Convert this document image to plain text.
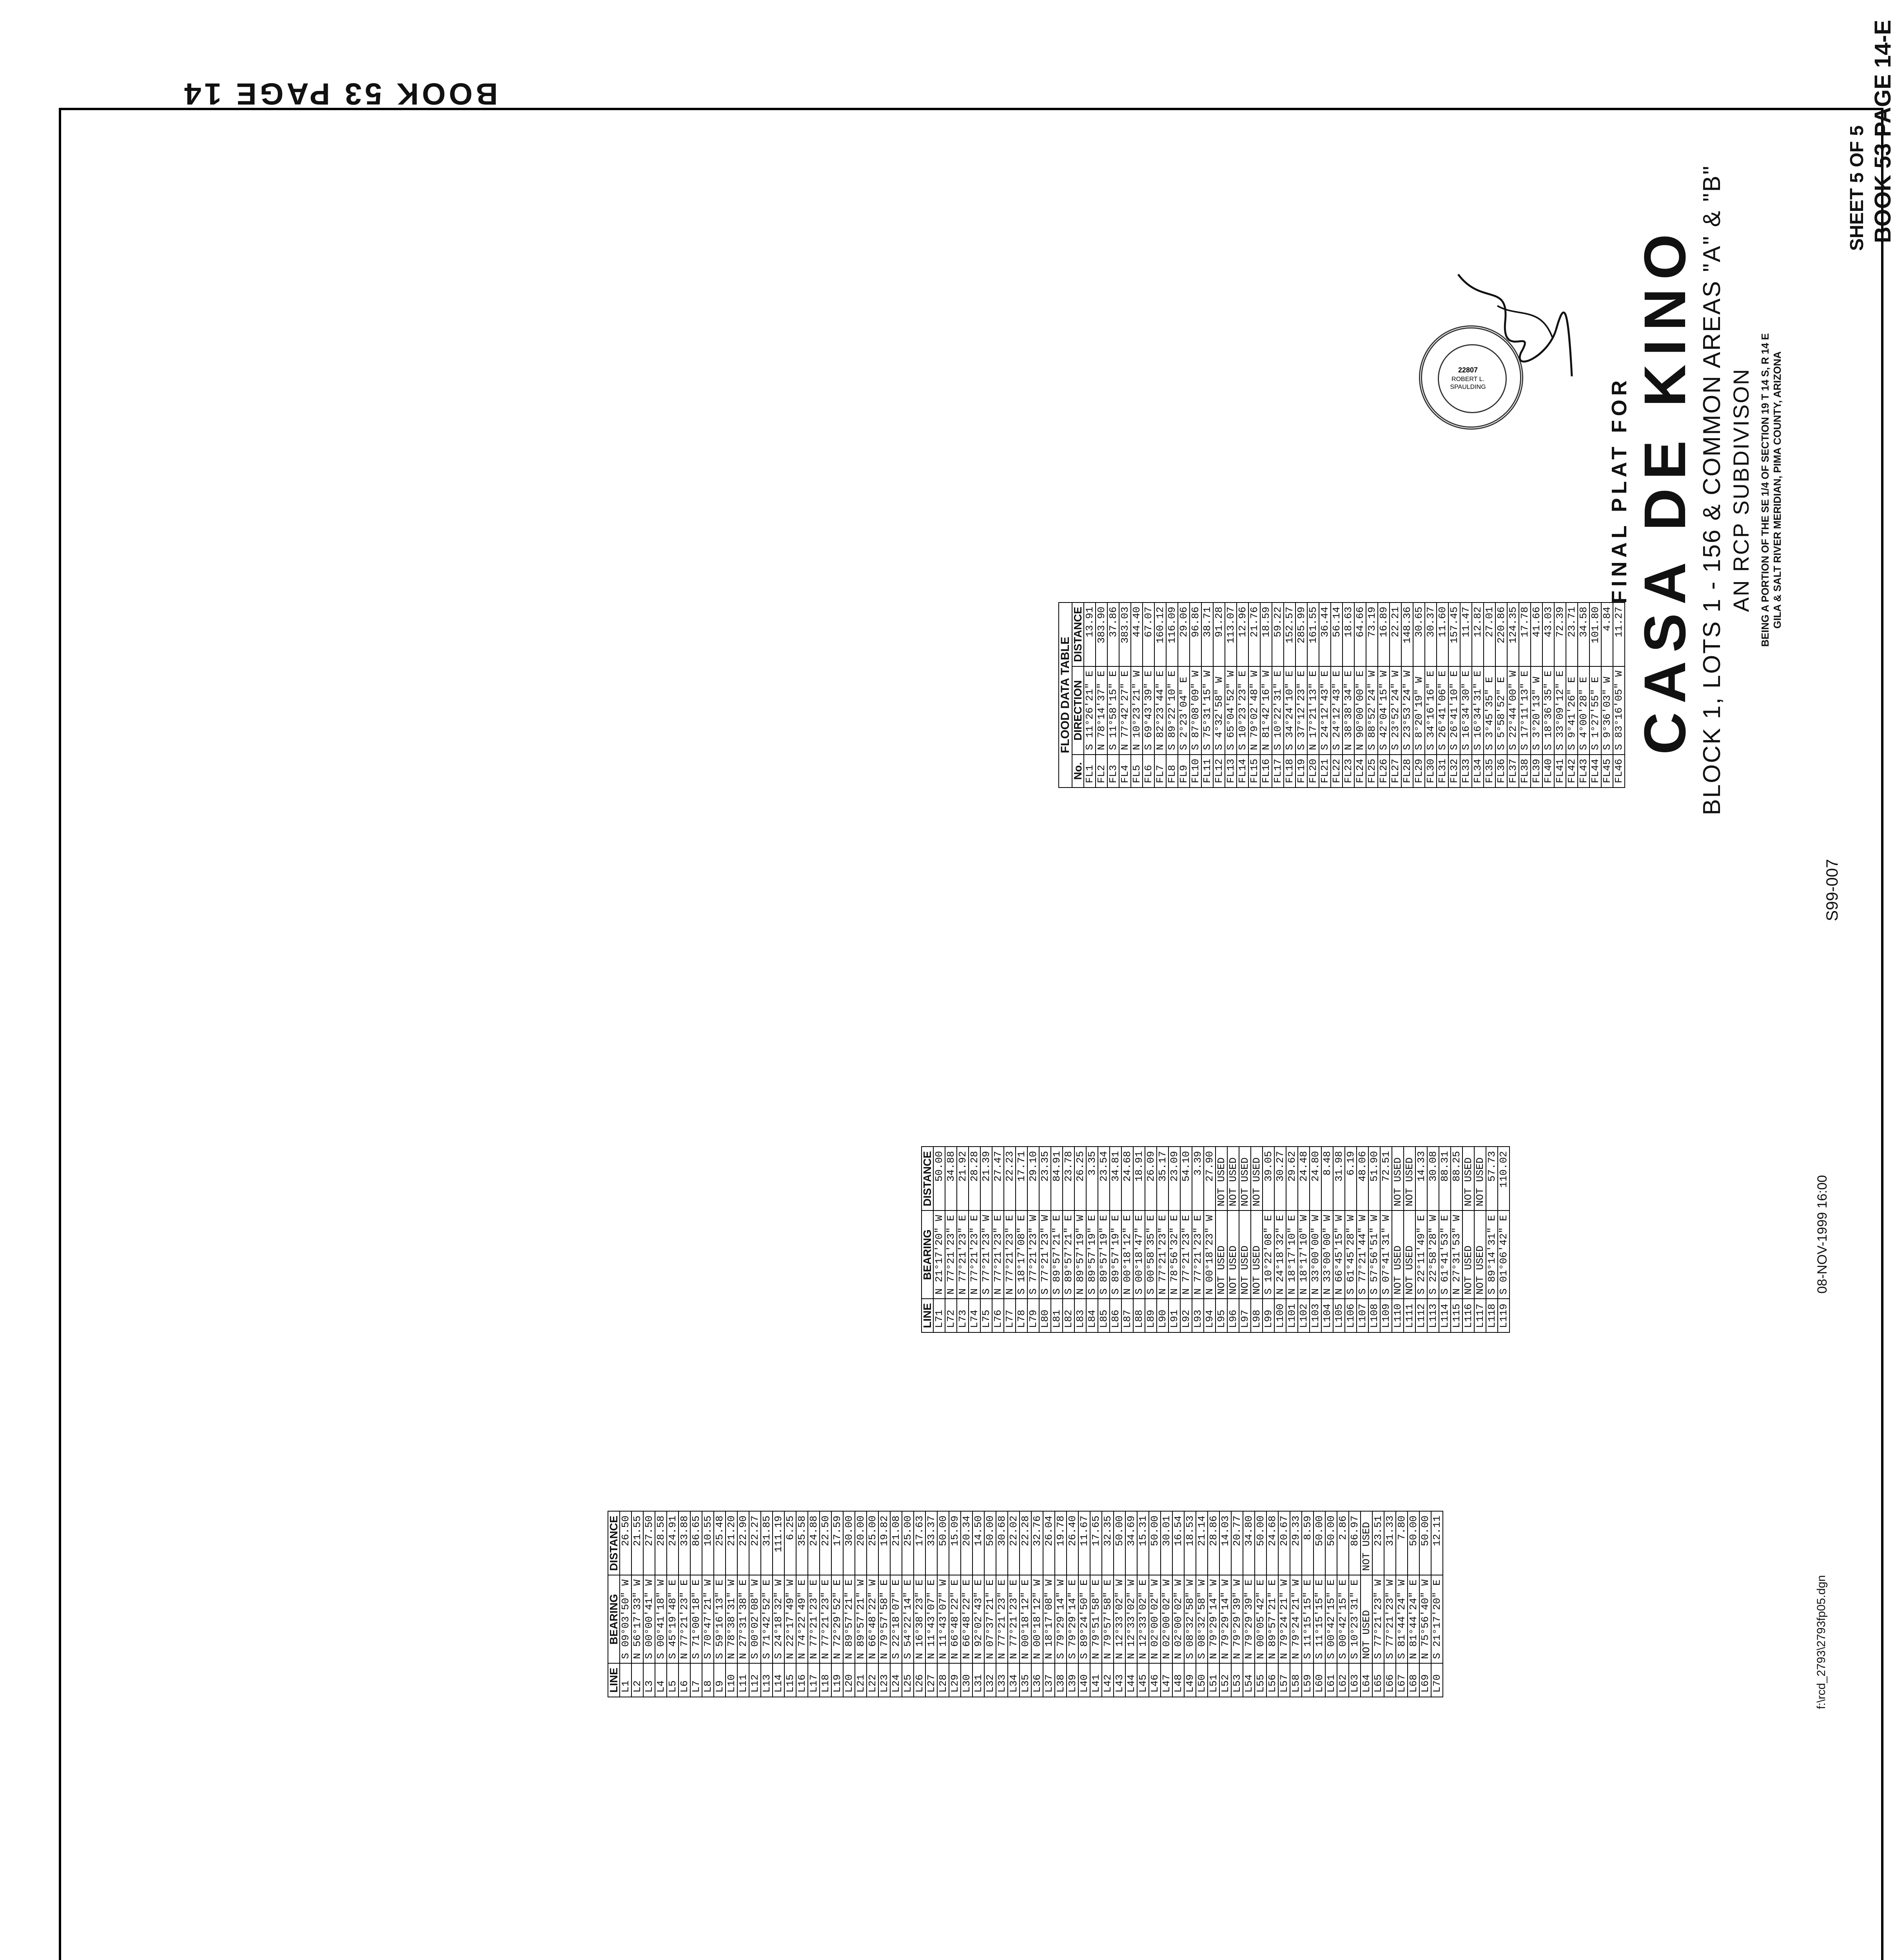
BOOK 53 PAGE 14

LINE	BEARING	DISTANCE
L1	S 09°03'50" W	26.50
L2	N 56°17'33" W	21.55
L3	S 00°00'41" W	27.50
L4	S 00°41'18" W	28.58
L5	S 45°19'48" E	24.91
L6	N 77°21'23" E	33.88
L7	S 71°00'18" E	86.65
L8	S 70°47'21" W	10.55
L9	S 59°16'13" E	25.48
L10	N 78°38'31" W	21.20
L11	N 27°31'38" E	22.90
L12	S 00°02'08" W	22.27
L13	S 71°42'52" E	31.85
L14	S 24°18'32" W	111.19
L15	N 22°17'49" W	6.25
L16	N 74°22'49" E	35.58
L17	N 77°21'23" E	24.88
L18	N 77°21'23" E	22.50
L19	N 72°29'52" E	17.59
L20	N 89°57'21" E	30.00
L21	N 89°57'21" W	20.00
L22	N 66°48'22" W	25.00
L23	N 79°57'58" E	19.82
L24	S 22°18'07" E	21.08
L25	S 54°22'14" E	25.00
L26	N 16°38'23" E	17.63
L27	N 11°43'07" E	33.37
L28	N 11°43'07" W	50.00
L29	N 66°48'22" E	15.09
L30	N 66°48'22" E	20.34
L31	N 92°02'43" E	14.50
L32	N 07°37'21" E	50.00
L33	N 77°21'23" E	30.68
L34	N 77°21'23" E	22.02
L35	N 00°18'12" E	22.28
L36	N 00°18'12" W	32.76
L37	N 18°17'08" W	26.04
L38	S 79°29'14" W	19.78
L39	S 79°29'14" E	26.40
L40	S 89°24'50" E	11.67
L41	N 79°51'58" E	17.65
L42	N 79°57'58" E	32.35
L43	N 12°33'02" W	50.00
L44	N 12°33'02" W	34.69
L45	N 12°33'02" E	15.31
L46	N 02°00'02" W	50.00
L47	N 02°00'02" W	30.01
L48	N 02°00'02" W	16.54
L49	S 08°32'58" W	18.53
L50	S 08°32'58" W	21.14
L51	N 79°29'14" W	28.86
L52	N 79°29'14" W	14.03
L53	N 79°29'39" W	20.77
L54	N 79°29'39" E	34.80
L55	N 00°05'42" E	50.00
L56	N 89°57'21" E	24.68
L57	N 79°24'21" W	20.67
L58	N 79°24'21" W	29.33
L59	S 11°15'15" E	8.59
L60	S 11°15'15" E	50.00
L61	S 00°42'15" E	50.00
L62	S 00°42'15" E	2.86
L63	S 10°23'31" E	86.97
L64	NOT USED	NOT USED
L65	S 77°21'23" W	23.51
L66	S 77°21'23" W	31.33
L67	S 81°44'24" W	7.80
L68	N 81°44'24" E	50.00
L69	N 75°56'40" W	50.00
L70	S 21°17'20" E	12.11
LINE	BEARING	DISTANCE
L71	N 21°17'20" W	50.00
L72	N 77°21'23" E	34.88
L73	N 77°21'23" E	21.92
L74	N 77°21'23" E	28.28
L75	S 77°21'23" W	21.39
L76	N 77°21'23" E	27.47
L77	N 77°21'23" E	22.23
L78	S 18°17'08" E	17.71
L79	S 77°21'23" W	29.10
L80	S 77°21'23" W	23.35
L81	S 89°57'21" E	84.91
L82	S 89°57'21" E	23.78
L83	N 89°57'19" W	26.25
L84	S 89°57'19" E	3.35
L85	S 89°57'19" E	23.54
L86	S 89°57'19" E	34.81
L87	N 00°18'12" E	24.68
L88	S 00°18'47" E	18.91
L89	S 00°58'35" E	26.09
L90	N 77°21'23" E	35.17
L91	N 78°56'32" E	23.09
L92	N 77°21'23" E	54.10
L93	N 77°21'23" E	3.39
L94	N 00°18'23" W	27.90
L95	NOT USED	NOT USED
L96	NOT USED	NOT USED
L97	NOT USED	NOT USED
L98	NOT USED	NOT USED
L99	S 10°22'08" E	39.05
L100	N 24°18'32" E	30.27
L101	N 18°17'10" E	29.62
L102	N 18°17'10" W	24.48
L103	N 33°00'00" W	24.80
L104	N 33°00'00" W	8.48
L105	N 66°45'15" W	31.98
L106	S 61°45'28" W	6.19
L107	S 77°21'44" W	48.06
L108	S 57°56'51" W	51.90
L109	S 07°41'31" W	72.51
L110	NOT USED	NOT USED
L111	NOT USED	NOT USED
L112	S 22°11'49" E	14.33
L113	S 22°58'28" W	30.08
L114	S 61°41'53" E	88.31
L115	N 27°31'53" W	88.25
L116	NOT USED	NOT USED
L117	NOT USED	NOT USED
L118	S 89°14'31" E	57.73
L119	S 01°06'42" E	110.02
FLOOD DATA TABLE
No.	DIRECTION	DISTANCE
FL1	S 11°26'21" E	13.91
FL2	N 78°14'37" E	383.90
FL3	S 11°58'15" E	37.86
FL4	N 77°42'27" E	383.03
FL5	N 10°23'21" W	44.40
FL6	S 69°43'39" E	67.07
FL7	N 82°23'44" E	160.12
FL8	S 89°22'10" E	116.09
FL9	S 2°23'04" E	29.06
FL10	S 87°08'09" W	96.86
FL11	S 75°31'15" W	38.71
FL12	S 4°32'58" W	91.28
FL13	S 65°04'52" W	113.07
FL14	S 10°23'23" E	12.96
FL15	N 79°02'48" W	21.76
FL16	N 81°42'16" W	18.59
FL17	S 10°22'31" E	59.22
FL18	S 34°24'10" E	152.57
FL19	S 37°12'23" E	285.99
FL20	N 17°21'13" E	161.55
FL21	S 24°12'43" E	36.44
FL22	S 24°12'43" E	56.14
FL23	N 38°38'34" E	18.63
FL24	N 90°00'00" E	64.66
FL25	S 88°52'24" W	73.19
FL26	S 42°04'15" W	16.89
FL27	S 23°52'24" W	22.21
FL28	S 23°53'24" W	148.36
FL29	S 8°20'19" W	30.65
FL30	S 34°16'16" E	30.37
FL31	S 26°41'06" E	11.60
FL32	S 26°41'10" E	157.45
FL33	S 16°34'30" E	11.47
FL34	S 16°34'31" E	12.82
FL35	S 3°45'35" E	27.01
FL36	S 5°58'52" E	220.86
FL37	S 22°44'00" W	124.35
FL38	S 17°11'13" E	17.78
FL39	S 3°20'13" W	41.66
FL40	S 18°36'35" E	43.03
FL41	S 33°09'12" E	72.39
FL42	S 9°41'26" E	23.71
FL43	S 4°00'28" E	34.58
FL44	S 1°27'55" E	101.80
FL45	S 9°36'03" W	4.84
FL46	S 83°16'05" W	11.27
22807
ROBERT L.
SPAULDING	FINAL PLAT FOR CASA DE KINO BLOCK 1, LOTS 1 - 156 & COMMON AREAS "A" & "B" AN RCP SUBDIVISON BEING A PORTION OF THE SE 1/4 OF SECTION 19 T 14 S, R 14 E GILA & SALT RIVER MERIDIAN, PIMA COUNTY, ARIZONA
S99-007
SHEET 5 OF 5 BOOK 53 PAGE 14-E
08-NOV-1999 16:00
f:\rcd_2793\2793fp05.dgn
